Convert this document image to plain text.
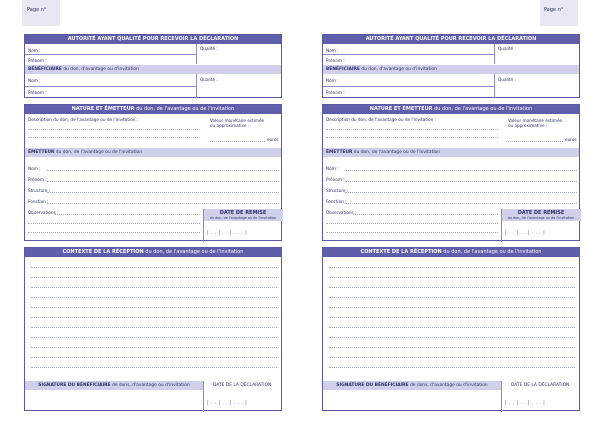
Page n°
AUTORITÉ AYANT QUALITÉ POUR RECEVOIR LA DÉCLARATION
Nom :	Qualité :
Prénom :
BÉNÉFICIAIRE du don, d'avantage ou d'invitation
Nom :	Qualité :
Prénom :
NATURE ET ÉMETTEUR du don, de l'avantage ou de l'invitation
Description du don, de l'avantage ou de l'invitation :	Valeur monétaire estimée
ou approximative :
euros
ÉMETTEUR du don, de l'avantage ou de l'invitation
Nom :
Prénom :
Structure :
Fonction :
Observations :	DATE DE REMISE
du don, de l'avantage ou de l'invitation
| . . | . . | . . . |
CONTEXTE DE LA RÉCEPTION du don, de l'avantage ou de l'invitation
SIGNATURE DU BÉNÉFICIAIRE de dons, d'avantage ou d'invitation	DATE DE LA DÉCLARATION
| . . | . . | . . . |
Page n°
AUTORITÉ AYANT QUALITÉ POUR RECEVOIR LA DÉCLARATION
Nom :	Qualité :
Prénom :
BÉNÉFICIAIRE du don, d'avantage ou d'invitation
Nom :	Qualité :
Prénom :
NATURE ET ÉMETTEUR du don, de l'avantage ou de l'invitation
Description du don, de l'avantage ou de l'invitation :	Valeur monétaire estimée
ou approximative :
euros
ÉMETTEUR du don, de l'avantage ou de l'invitation
Nom :
Prénom :
Structure :
Fonction :
Observations :	DATE DE REMISE
du don, de l'avantage ou de l'invitation
| . . | . . | . . . |
CONTEXTE DE LA RÉCEPTION du don, de l'avantage ou de l'invitation
SIGNATURE DU BÉNÉFICIAIRE de dons, d'avantage ou d'invitation	DATE DE LA DÉCLARATION
| . . | . . | . . . |
